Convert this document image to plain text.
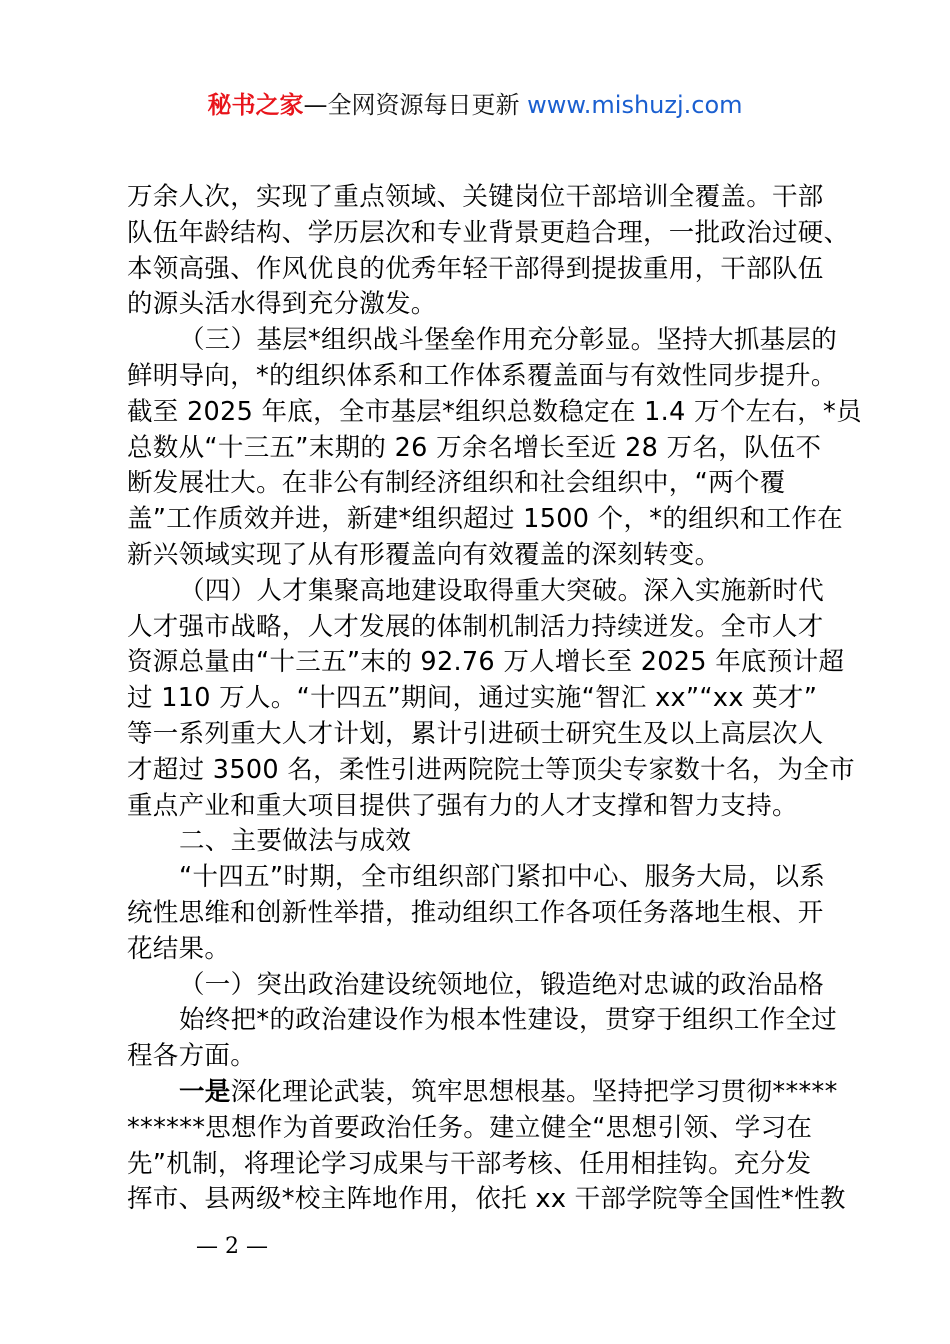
秘书之家—全网资源每日更新 www.mishuzj.com
万余人次，实现了重点领域、关键岗位干部培训全覆盖。干部
队伍年龄结构、学历层次和专业背景更趋合理，一批政治过硬、
本领高强、作风优良的优秀年轻干部得到提拔重用，干部队伍
的源头活水得到充分激发。
（三）基层*组织战斗堡垒作用充分彰显。坚持大抓基层的
鲜明导向，*的组织体系和工作体系覆盖面与有效性同步提升。
截至 2025 年底，全市基层*组织总数稳定在 1.4 万个左右，*员
总数从“十三五”末期的 26 万余名增长至近 28 万名，队伍不
断发展壮大。在非公有制经济组织和社会组织中，“两个覆
盖”工作质效并进，新建*组织超过 1500 个，*的组织和工作在
新兴领域实现了从有形覆盖向有效覆盖的深刻转变。
（四）人才集聚高地建设取得重大突破。深入实施新时代
人才强市战略，人才发展的体制机制活力持续迸发。全市人才
资源总量由“十三五”末的 92.76 万人增长至 2025 年底预计超
过 110 万人。“十四五”期间，通过实施“智汇 xx”“xx 英才”
等一系列重大人才计划，累计引进硕士研究生及以上高层次人
才超过 3500 名，柔性引进两院院士等顶尖专家数十名，为全市
重点产业和重大项目提供了强有力的人才支撑和智力支持。
二、主要做法与成效
“十四五”时期，全市组织部门紧扣中心、服务大局，以系
统性思维和创新性举措，推动组织工作各项任务落地生根、开
花结果。
（一）突出政治建设统领地位，锻造绝对忠诚的政治品格
始终把*的政治建设作为根本性建设，贯穿于组织工作全过
程各方面。
一是深化理论武装，筑牢思想根基。坚持把学习贯彻*****
******思想作为首要政治任务。建立健全“思想引领、学习在
先”机制，将理论学习成果与干部考核、任用相挂钩。充分发
挥市、县两级*校主阵地作用，依托 xx 干部学院等全国性*性教
— 2 —
